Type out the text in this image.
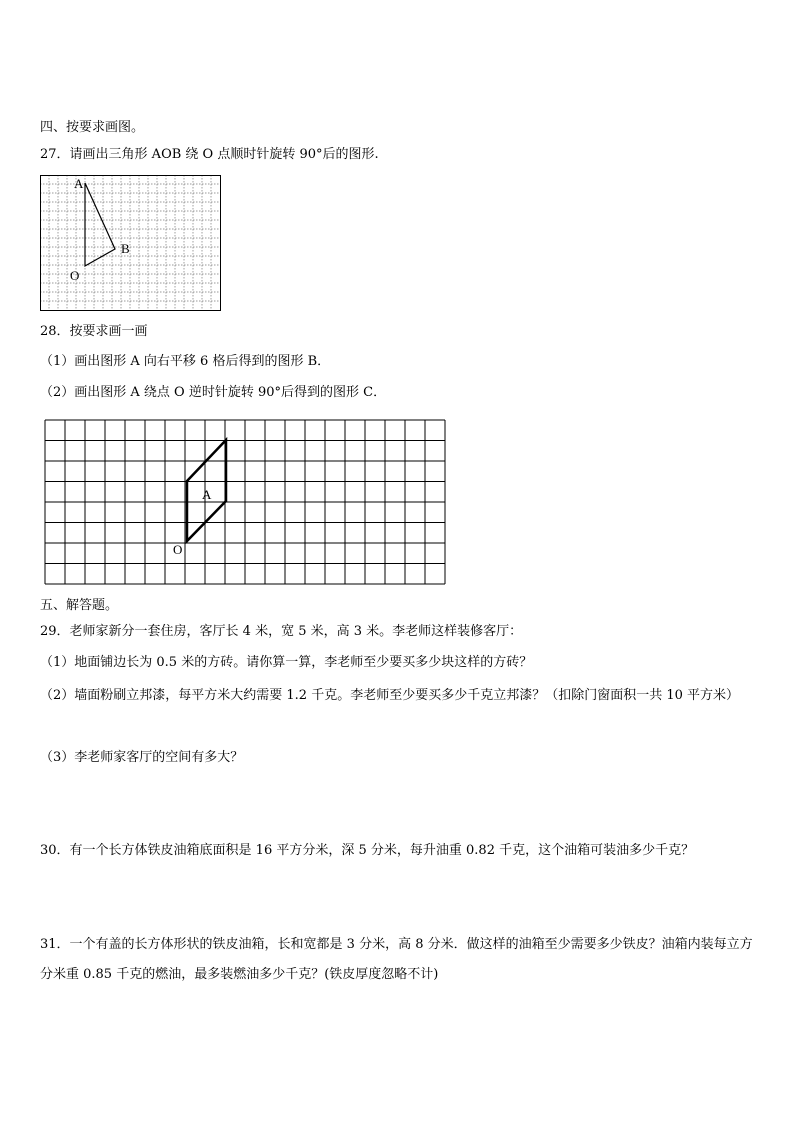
四、按要求画图。
27．请画出三角形 AOB 绕 O 点顺时针旋转 90°后的图形.
A
B
O
28．按要求画一画
（1）画出图形 A 向右平移 6 格后得到的图形 B．
（2）画出图形 A 绕点 O 逆时针旋转 90°后得到的图形 C．
A
O
五、解答题。
29．老师家新分一套住房，客厅长 4 米，宽 5 米，高 3 米。李老师这样装修客厅：
（1）地面铺边长为 0.5 米的方砖。请你算一算，李老师至少要买多少块这样的方砖？
（2）墙面粉刷立邦漆，每平方米大约需要 1.2 千克。李老师至少要买多少千克立邦漆？（扣除门窗面积一共 10 平方米）
（3）李老师家客厅的空间有多大？
30．有一个长方体铁皮油箱底面积是 16 平方分米，深 5 分米，每升油重 0.82 千克，这个油箱可装油多少千克？
31．一个有盖的长方体形状的铁皮油箱，长和宽都是 3 分米，高 8 分米．做这样的油箱至少需要多少铁皮？油箱内装每立方分米重 0.85 千克的燃油，最多装燃油多少千克？(铁皮厚度忽略不计)
